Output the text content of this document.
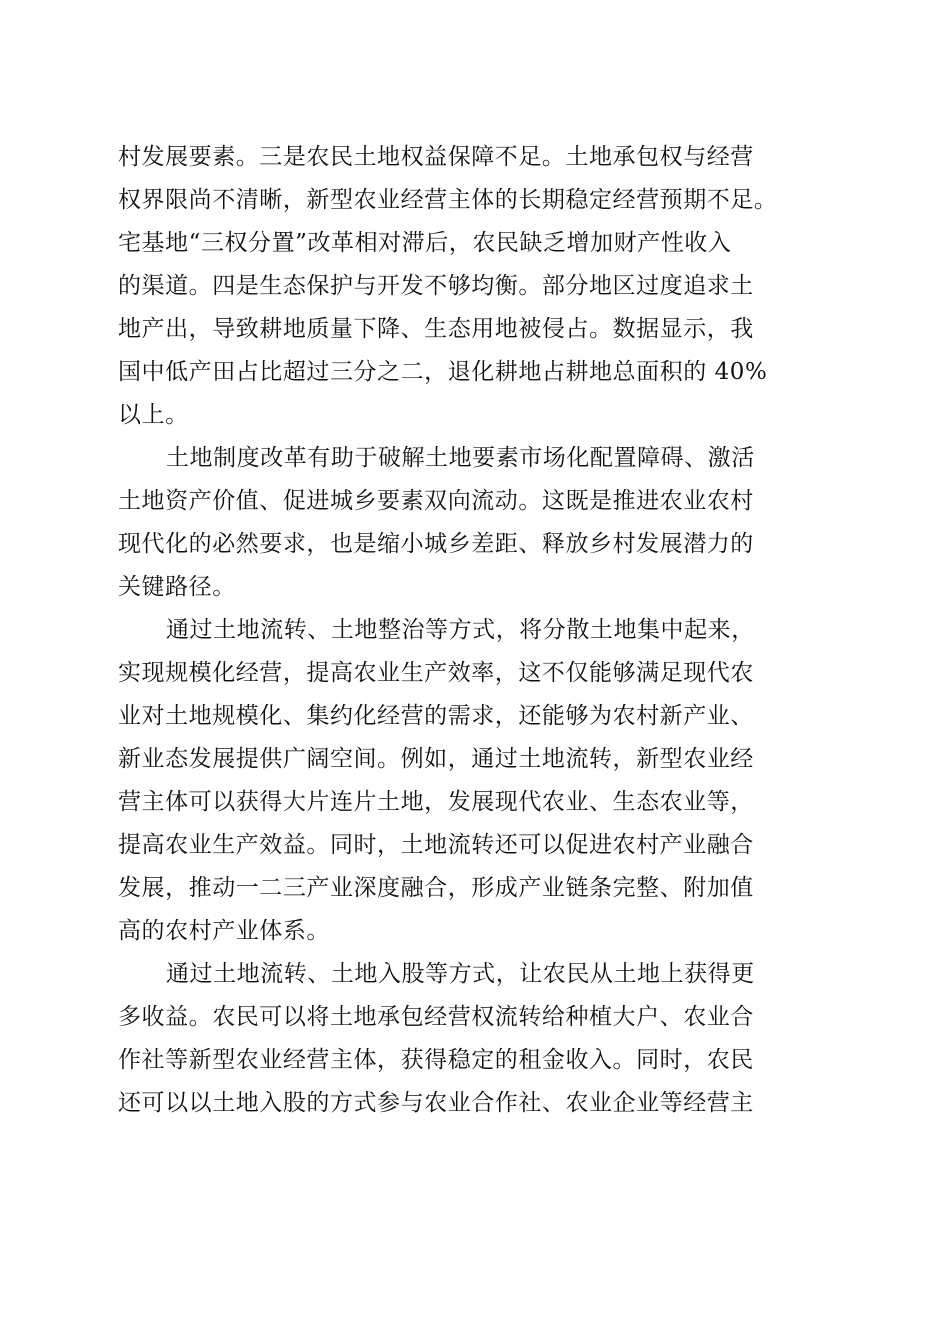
村发展要素。三是农民土地权益保障不足。土地承包权与经营
权界限尚不清晰，新型农业经营主体的长期稳定经营预期不足。
宅基地“三权分置”改革相对滞后，农民缺乏增加财产性收入
的渠道。四是生态保护与开发不够均衡。部分地区过度追求土
地产出，导致耕地质量下降、生态用地被侵占。数据显示，我
国中低产田占比超过三分之二，退化耕地占耕地总面积的 40%
以上。
土地制度改革有助于破解土地要素市场化配置障碍、激活
土地资产价值、促进城乡要素双向流动。这既是推进农业农村
现代化的必然要求，也是缩小城乡差距、释放乡村发展潜力的
关键路径。
通过土地流转、土地整治等方式，将分散土地集中起来，
实现规模化经营，提高农业生产效率，这不仅能够满足现代农
业对土地规模化、集约化经营的需求，还能够为农村新产业、
新业态发展提供广阔空间。例如，通过土地流转，新型农业经
营主体可以获得大片连片土地，发展现代农业、生态农业等，
提高农业生产效益。同时，土地流转还可以促进农村产业融合
发展，推动一二三产业深度融合，形成产业链条完整、附加值
高的农村产业体系。
通过土地流转、土地入股等方式，让农民从土地上获得更
多收益。农民可以将土地承包经营权流转给种植大户、农业合
作社等新型农业经营主体，获得稳定的租金收入。同时，农民
还可以以土地入股的方式参与农业合作社、农业企业等经营主
